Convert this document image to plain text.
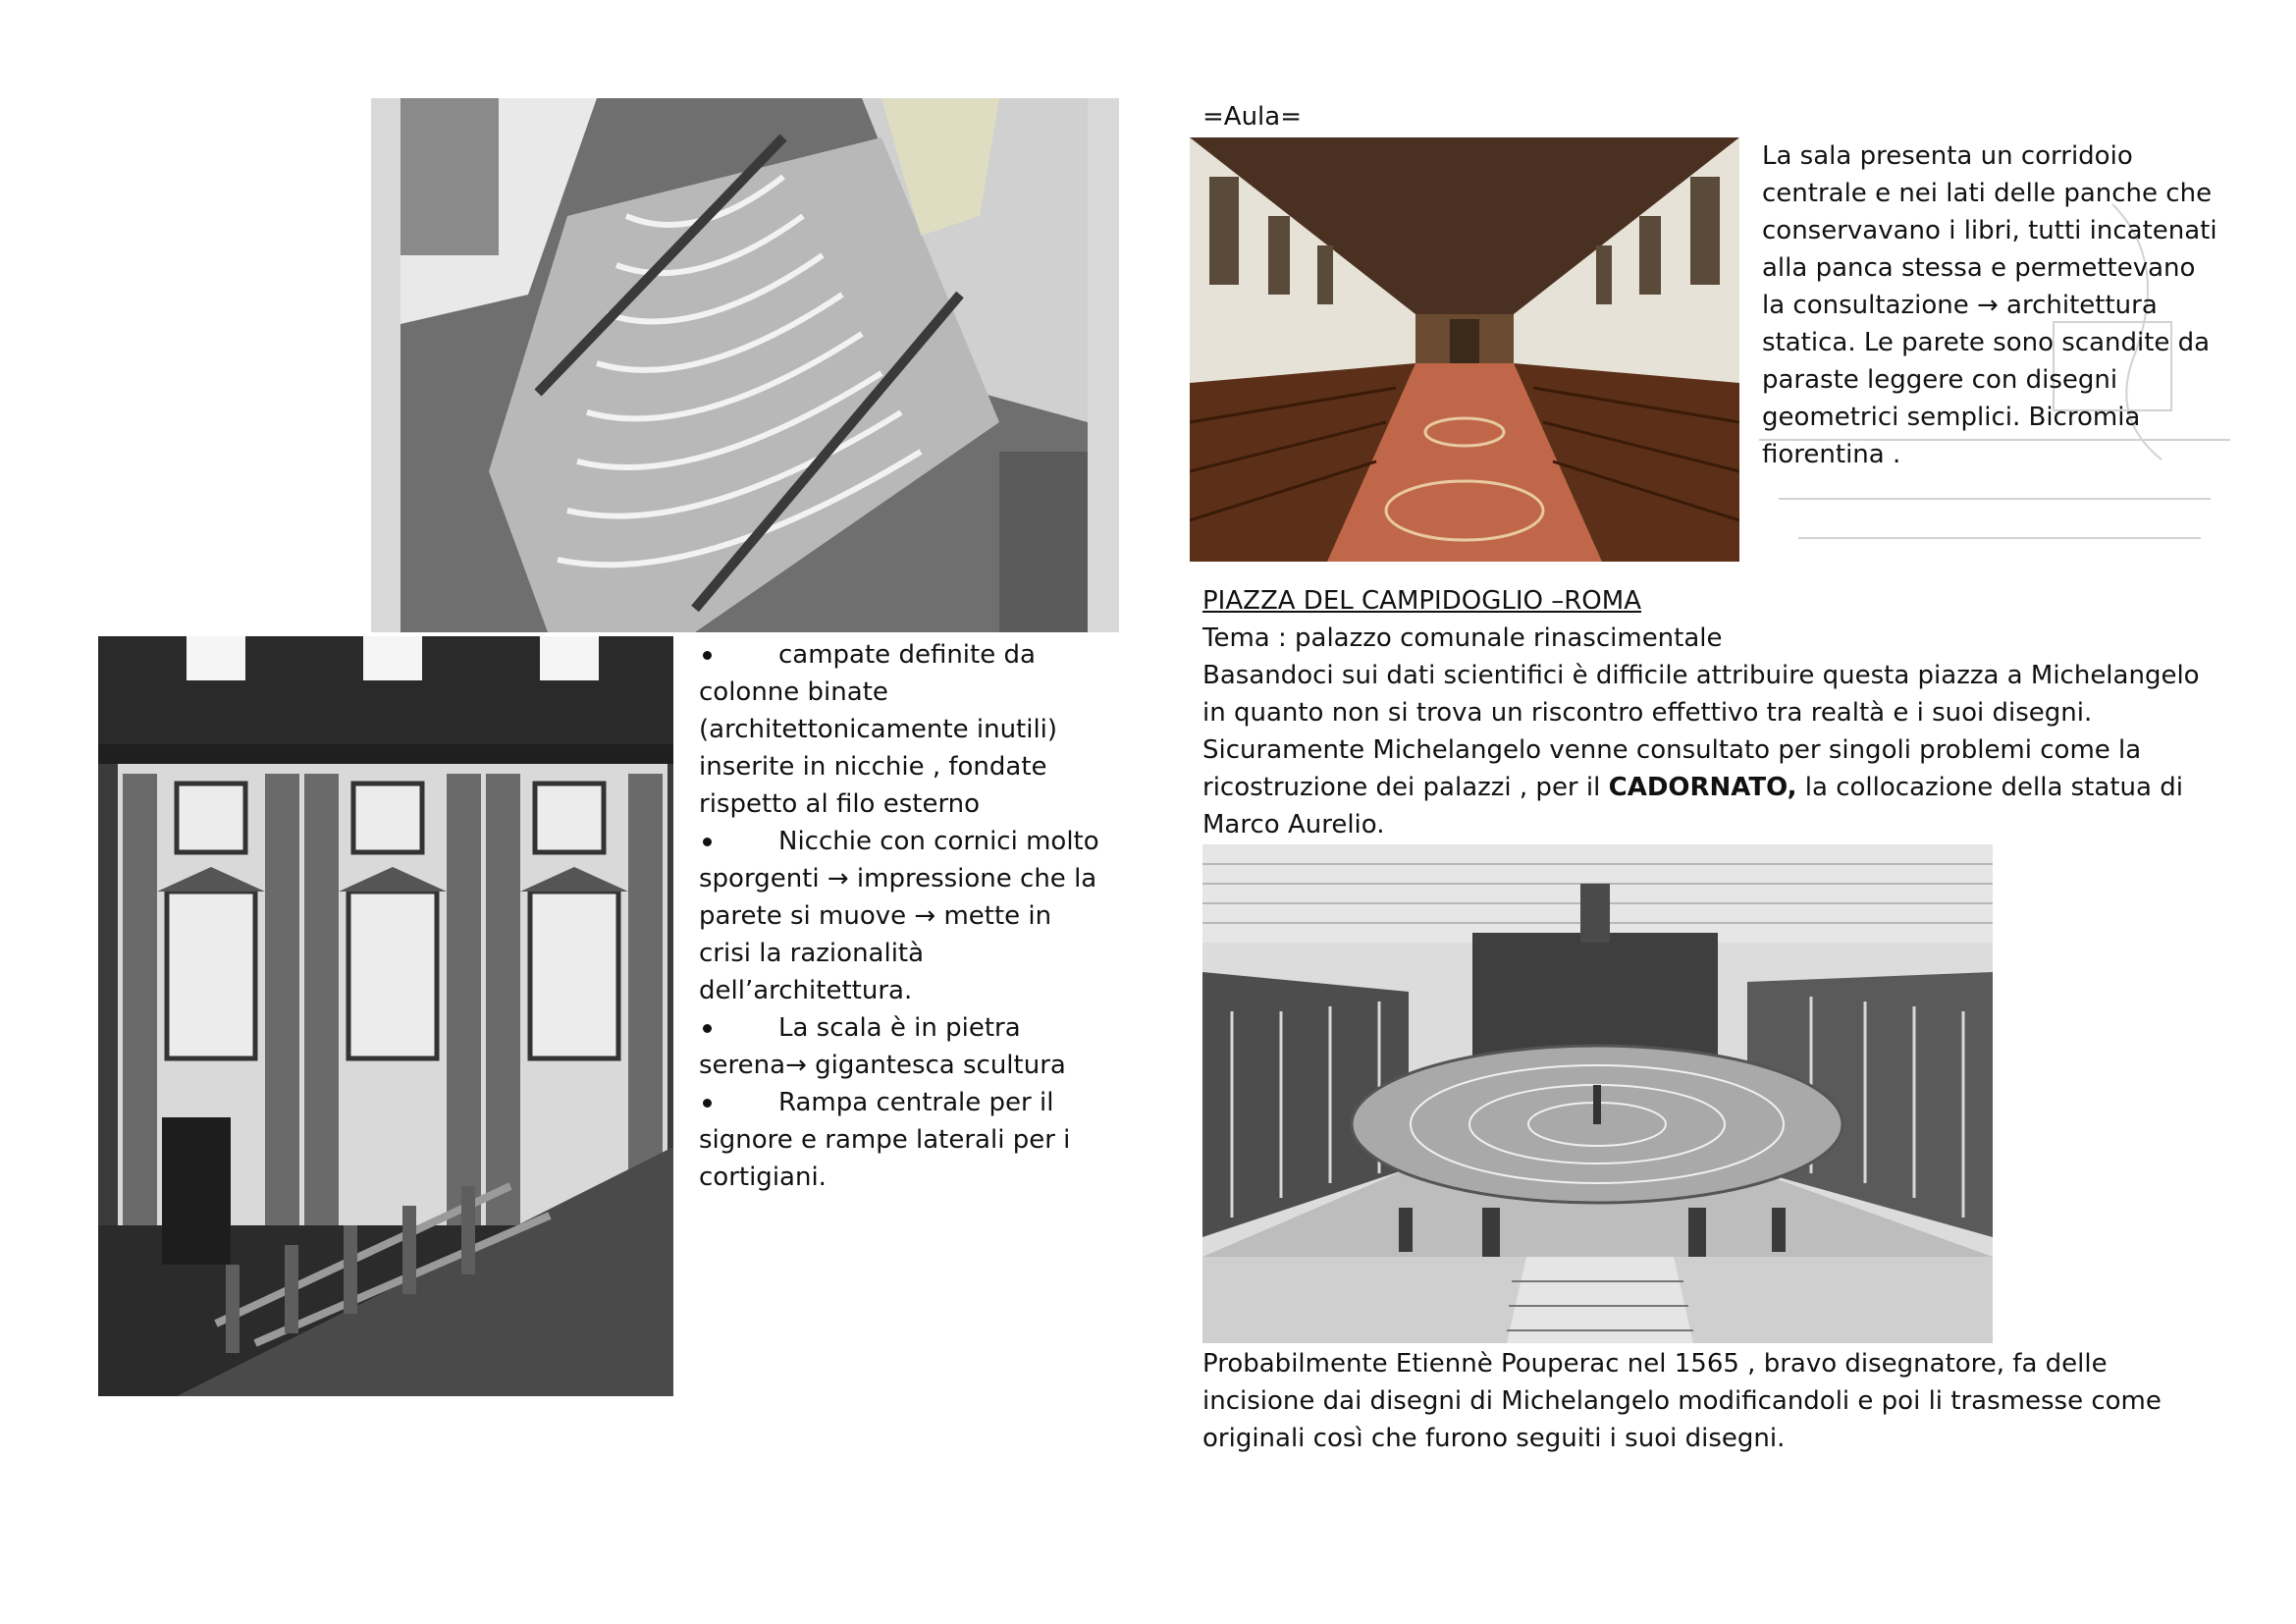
campate definite da colonne binate (architettonicamente inutili) inserite in nicchie , fondate rispetto al filo esterno
Nicchie con cornici molto sporgenti → impressione che la parete si muove → mette in crisi la razionalità dell’architettura.
La scala è in pietra serena→ gigantesca scultura
Rampa centrale per il signore e rampe laterali per i cortigiani.
=Aula=
La sala presenta un corridoio centrale e nei lati delle panche che conservavano i libri, tutti incatenati alla panca stessa e permettevano la consultazione → architettura statica. Le parete sono scandite da paraste leggere con disegni geometrici semplici. Bicromia fiorentina .

PIAZZA DEL CAMPIDOGLIO –ROMA

Tema : palazzo comunale rinascimentale

Basandoci sui dati scientifici è difficile attribuire questa piazza a Michelangelo in quanto non si trova un riscontro effettivo tra realtà e i suoi disegni.

Sicuramente Michelangelo venne consultato per singoli problemi come la ricostruzione dei palazzi , per il CADORNATO, la collocazione della statua di Marco Aurelio.

Probabilmente Etiennè Pouperac nel 1565 , bravo disegnatore, fa delle incisione dai disegni di Michelangelo modificandoli e poi li trasmesse come originali così che furono seguiti i suoi disegni.
